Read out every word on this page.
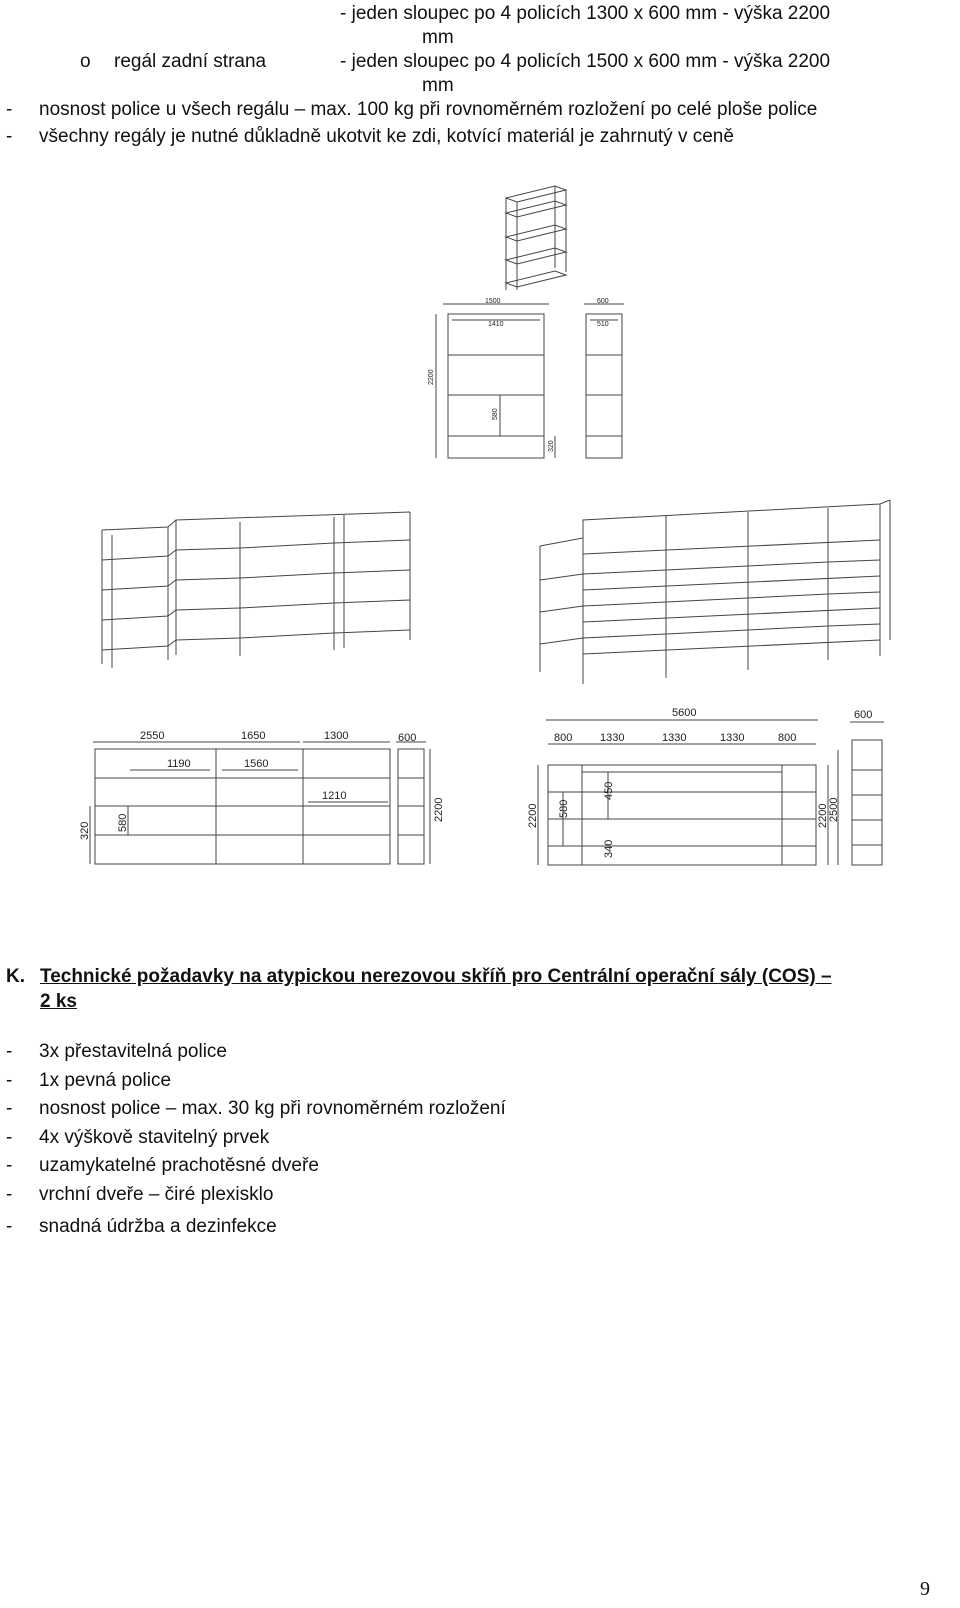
- jeden sloupec po 4 policích 1300 x 600 mm - výška 2200
mm
o regál zadní strana	- jeden sloupec po 4 policích 1500 x 600 mm - výška 2200
mm
- nosnost police u všech regálu – max. 100 kg při rovnoměrném rozložení po celé ploše police
- všechny regály je nutné důkladně ukotvit ke zdi, kotvící materiál je zahrnutý v ceně
1500
1410
600
510
2200
580
320
2550	1650	1300	600
1190	1560
1210
2200
320 580
5600	600
800	1330	1330	1330	800
2200 580
450
340
2200 2500
K. Technické požadavky na atypickou nerezovou skříň pro Centrální operační sály (COS) –
2 ks
- 3x přestavitelná police
- 1x pevná police
- nosnost police – max. 30 kg při rovnoměrném rozložení
- 4x výškově stavitelný prvek
- uzamykatelné prachotěsné dveře
- vrchní dveře – čiré plexisklo
- snadná údržba a dezinfekce
9
